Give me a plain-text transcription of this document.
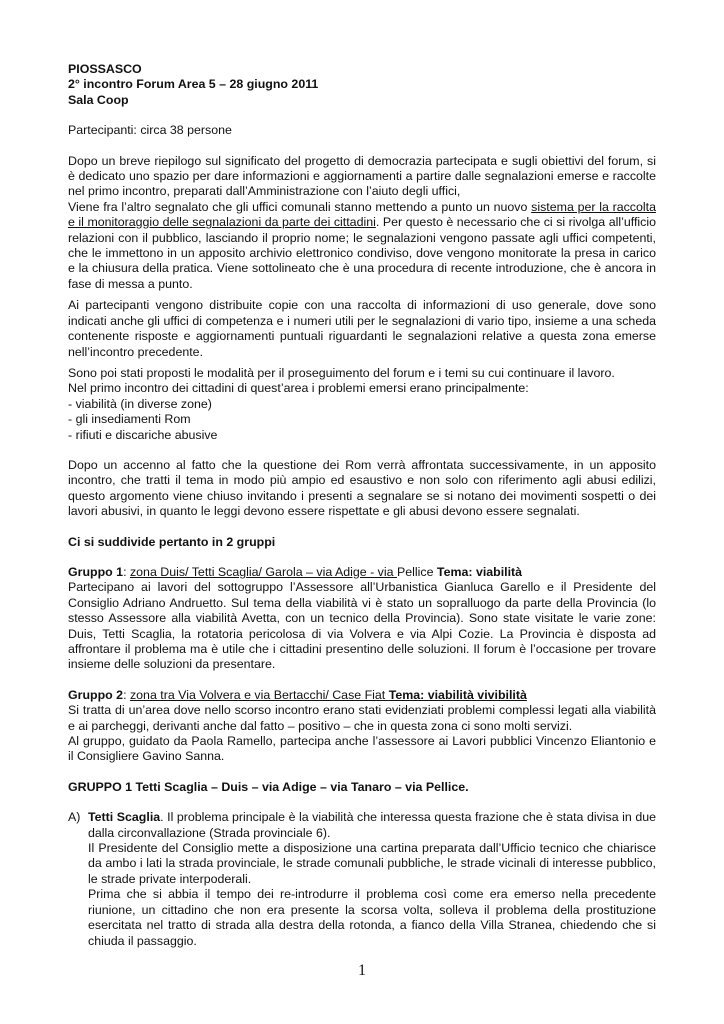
PIOSSASCO

2° incontro Forum Area 5 – 28 giugno 2011

Sala Coop

Partecipanti: circa 38 persone

Dopo un breve riepilogo sul significato del progetto di democrazia partecipata e sugli obiettivi del forum, si è dedicato uno spazio per dare informazioni e aggiornamenti a partire dalle segnalazioni emerse e raccolte nel primo incontro, preparati dall’Amministrazione con l’aiuto degli uffici,

Viene fra l’altro segnalato che gli uffici comunali stanno mettendo a punto un nuovo sistema per la raccolta e il monitoraggio delle segnalazioni da parte dei cittadini. Per questo è necessario che ci si rivolga all’ufficio relazioni con il pubblico, lasciando il proprio nome; le segnalazioni vengono passate agli uffici competenti, che le immettono in un apposito archivio elettronico condiviso, dove vengono monitorate la presa in carico e la chiusura della pratica. Viene sottolineato che è una procedura di recente introduzione, che è ancora in fase di messa a punto.

Ai partecipanti vengono distribuite copie con una raccolta di informazioni di uso generale, dove sono indicati anche gli uffici di competenza e i numeri utili per le segnalazioni di vario tipo, insieme a una scheda contenente risposte e aggiornamenti puntuali riguardanti le segnalazioni relative a questa zona emerse nell’incontro precedente.

Sono poi stati proposti le modalità per il proseguimento del forum e i temi su cui continuare il lavoro.

Nel primo incontro dei cittadini di quest’area i problemi emersi erano principalmente:

- viabilità (in diverse zone)

- gli insediamenti Rom

- rifiuti e discariche abusive

Dopo un accenno al fatto che la questione dei Rom verrà affrontata successivamente, in un apposito incontro, che tratti il tema in modo più ampio ed esaustivo e non solo con riferimento agli abusi edilizi, questo argomento viene chiuso invitando i presenti a segnalare se si notano dei movimenti sospetti o dei lavori abusivi, in quanto le leggi devono essere rispettate e gli abusi devono essere segnalati.

Ci si suddivide pertanto in 2 gruppi

Gruppo 1: zona Duis/ Tetti Scaglia/ Garola – via Adige - via Pellice Tema: viabilità

Partecipano ai lavori del sottogruppo l’Assessore all’Urbanistica Gianluca Garello e il Presidente del Consiglio Adriano Andruetto. Sul tema della viabilità vi è stato un sopralluogo da parte della Provincia (lo stesso Assessore alla viabilità Avetta, con un tecnico della Provincia). Sono state visitate le varie zone: Duis, Tetti Scaglia, la rotatoria pericolosa di via Volvera e via Alpi Cozie. La Provincia è disposta ad affrontare il problema ma è utile che i cittadini presentino delle soluzioni. Il forum è l’occasione per trovare insieme delle soluzioni da presentare.

Gruppo 2: zona tra Via Volvera e via Bertacchi/ Case Fiat Tema: viabilità vivibilità

Si tratta di un’area dove nello scorso incontro erano stati evidenziati problemi complessi legati alla viabilità e ai parcheggi, derivanti anche dal fatto – positivo – che in questa zona ci sono molti servizi.

Al gruppo, guidato da Paola Ramello, partecipa anche l’assessore ai Lavori pubblici Vincenzo Eliantonio e il Consigliere Gavino Sanna.

GRUPPO 1 Tetti Scaglia – Duis – via Adige – via Tanaro – via Pellice.

A) Tetti Scaglia. Il problema principale è la viabilità che interessa questa frazione che è stata divisa in due dalla circonvallazione (Strada provinciale 6).

Il Presidente del Consiglio mette a disposizione una cartina preparata dall’Ufficio tecnico che chiarisce da ambo i lati la strada provinciale, le strade comunali pubbliche, le strade vicinali di interesse pubblico, le strade private interpoderali.

Prima che si abbia il tempo dei re-introdurre il problema così come era emerso nella precedente riunione, un cittadino che non era presente la scorsa volta, solleva il problema della prostituzione esercitata nel tratto di strada alla destra della rotonda, a fianco della Villa Stranea, chiedendo che si chiuda il passaggio.

1
